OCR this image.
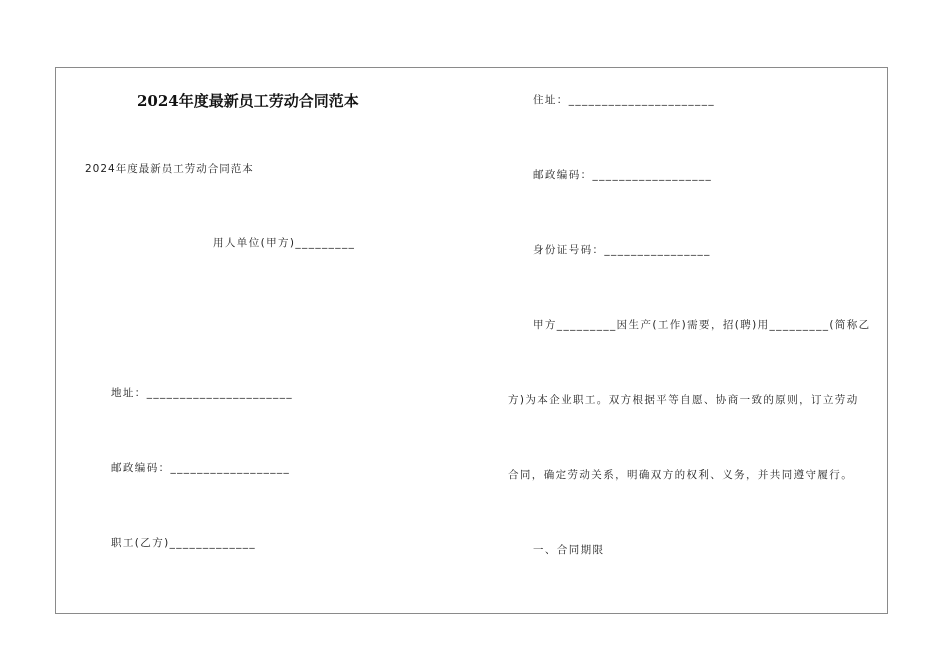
2024年度最新员工劳动合同范本
2024年度最新员工劳动合同范本
用人单位(甲方)_________
地址：______________________
邮政编码：__________________
职工(乙方)_____________
住址：______________________
邮政编码：__________________
身份证号码：________________
甲方_________因生产(工作)需要，招(聘)用_________(简称乙
方)为本企业职工。双方根据平等自愿、协商一致的原则，订立劳动
合同，确定劳动关系，明确双方的权利、义务，并共同遵守履行。
一、合同期限
